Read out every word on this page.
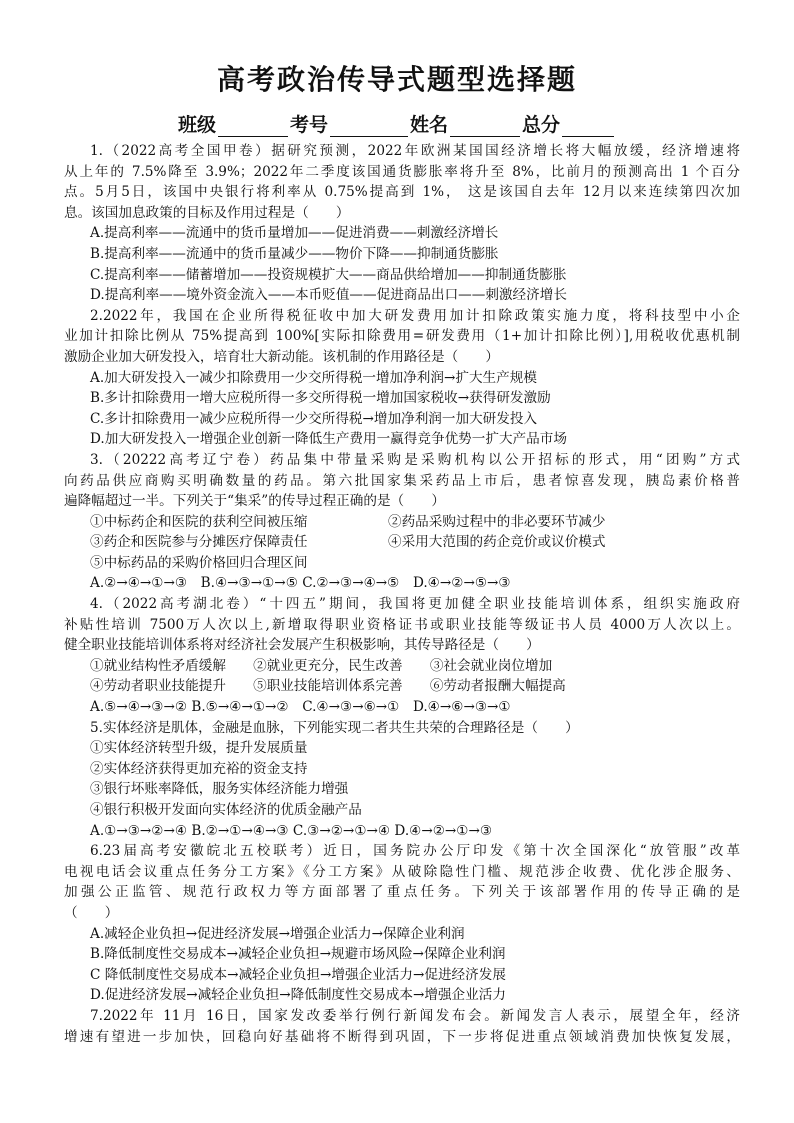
高考政治传导式题型选择题
班级	考号	姓名	总分
1.（2022高考全国甲卷）据研究预测，2022年欧洲某国国经济增长将大幅放缓，经济增速将
从上年的 7.5%降至 3.9%；2022年二季度该国通货膨胀率将升至 8%，比前月的预测高出 1 个百分
点。5月5日，该国中央银行将利率从 0.75%提高到 1%， 这是该国自去年 12月以来连续第四次加
息。该国加息政策的目标及作用过程是（　　）
A.提高利率——流通中的货币量增加——促进消费——刺激经济增长
B.提高利率——流通中的货币量减少——物价下降——抑制通货膨胀
C.提高利率——储蓄增加——投资规模扩大——商品供给增加——抑制通货膨胀
D.提高利率——境外资金流入——本币贬值——促进商品出口——刺激经济增长
2.2022年，我国在企业所得税征收中加大研发费用加计扣除政策实施力度，将科技型中小企
业加计扣除比例从 75%提高到 100%[实际扣除费用=研发费用（1+加计扣除比例）],用税收优惠机制
激励企业加大研发投入，培育壮大新动能。该机制的作用路径是（　　）
A.加大研发投入一减少扣除费用一少交所得税一增加净利润→扩大生产规模
B.多计扣除费用一增大应税所得一多交所得税一增加国家税收→获得研发激励
C.多计扣除费用一减少应税所得一少交所得税→增加净利润一加大研发投入
D.加大研发投入一增强企业创新一降低生产费用一赢得竞争优势一扩大产品市场
3.（20222高考辽宁卷）药品集中带量采购是采购机构以公开招标的形式，用“团购”方式
向药品供应商购买明确数量的药品。第六批国家集采药品上市后，患者惊喜发现，胰岛素价格普
遍降幅超过一半。下列关于“集采”的传导过程正确的是（　　）
①中标药企和医院的获利空间被压缩	②药品采购过程中的非必要环节减少
③药企和医院参与分摊医疗保障责任	④采用大范围的药企竞价或议价模式
⑤中标药品的采购价格回归合理区间
A.②→④→①→③　B.④→③→①→⑤ C.②→③→④→⑤　D.④→②→⑤→③
4.（2022高考湖北卷）“十四五”期间，我国将更加健全职业技能培训体系，组织实施政府
补贴性培训 7500万人次以上,新增取得职业资格证书或职业技能等级证书人员 4000万人次以上。
健全职业技能培训体系将对经济社会发展产生积极影响，其传导路径是（　　）
①就业结构性矛盾缓解　　②就业更充分，民生改善　　③社会就业岗位增加
④劳动者职业技能提升　　⑤职业技能培训体系完善　　⑥劳动者报酬大幅提高
A.⑤→④→③→② B.⑤→④→①→②　C.④→③→⑥→①　D.④→⑥→③→①
5.实体经济是肌体，金融是血脉，下列能实现二者共生共荣的合理路径是（　　）
①实体经济转型升级，提升发展质量
②实体经济获得更加充裕的资金支持
③银行坏账率降低，服务实体经济能力增强
④银行积极开发面向实体经济的优质金融产品
A.①→③→②→④ B.②→①→④→③ C.③→②→①→④ D.④→②→①→③
6.23届高考安徽皖北五校联考）近日，国务院办公厅印发《第十次全国深化“放管服”改革
电视电话会议重点任务分工方案》《分工方案》从破除隐性门槛、规范涉企收费、优化涉企服务、
加强公正监管、规范行政权力等方面部署了重点任务。下列关于该部署作用的传导正确的是
（　　）
A.减轻企业负担→促进经济发展→增强企业活力→保障企业利润
B.降低制度性交易成本→减轻企业负担→规避市场风险→保障企业利润
C 降低制度性交易成本→减轻企业负担→增强企业活力→促进经济发展
D.促进经济发展→减轻企业负担→降低制度性交易成本→增强企业活力
7.2022年 11月 16日，国家发改委举行例行新闻发布会。新闻发言人表示，展望全年，经济
增速有望进一步加快，回稳向好基础将不断得到巩固，下一步将促进重点领域消费加快恢复发展，
